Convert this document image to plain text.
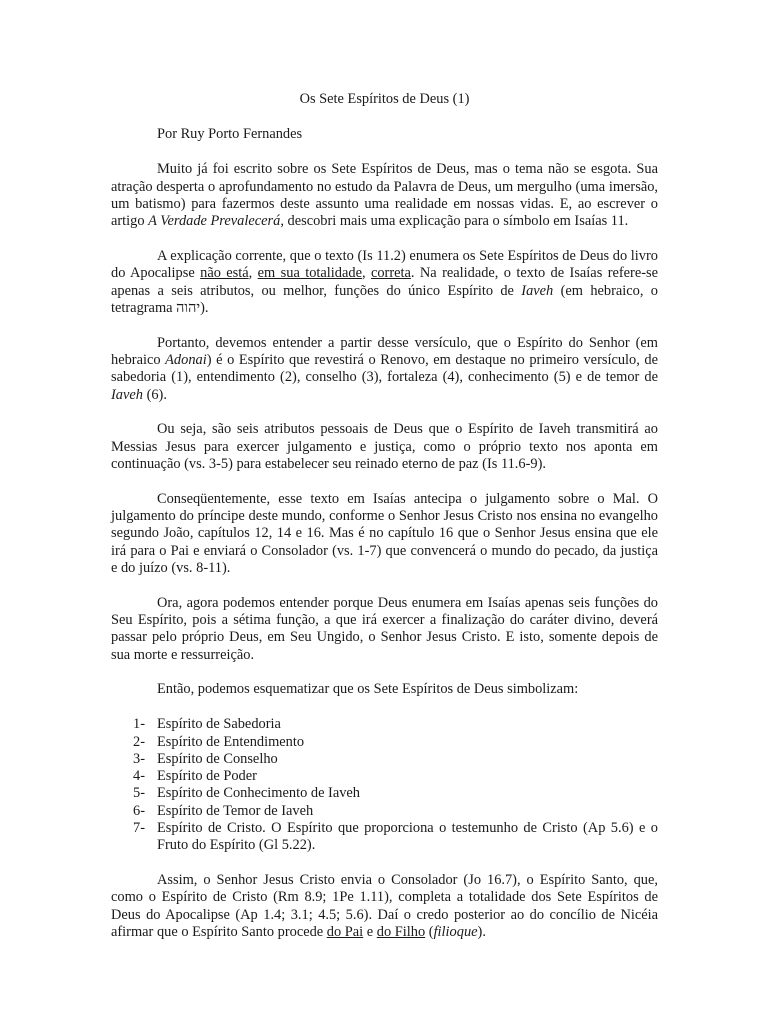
Os Sete Espíritos de Deus (1)
Por Ruy Porto Fernandes

Muito já foi escrito sobre os Sete Espíritos de Deus, mas o tema não se esgota. Sua atração desperta o aprofundamento no estudo da Palavra de Deus, um mergulho (uma imersão, um batismo) para fazermos deste assunto uma realidade em nossas vidas. E, ao escrever o artigo A Verdade Prevalecerá, descobri mais uma explicação para o símbolo em Isaías 11.

A explicação corrente, que o texto (Is 11.2) enumera os Sete Espíritos de Deus do livro do Apocalipse não está, em sua totalidade, correta. Na realidade, o texto de Isaías refere-se apenas a seis atributos, ou melhor, funções do único Espírito de Iaveh (em hebraico, o tetragrama יהוה).

Portanto, devemos entender a partir desse versículo, que o Espírito do Senhor (em hebraico Adonai) é o Espírito que revestirá o Renovo, em destaque no primeiro versículo, de sabedoria (1), entendimento (2), conselho (3), fortaleza (4), conhecimento (5) e de temor de Iaveh (6).

Ou seja, são seis atributos pessoais de Deus que o Espírito de Iaveh transmitirá ao Messias Jesus para exercer julgamento e justiça, como o próprio texto nos aponta em continuação (vs. 3-5) para estabelecer seu reinado eterno de paz (Is 11.6-9).

Conseqüentemente, esse texto em Isaías antecipa o julgamento sobre o Mal. O julgamento do príncipe deste mundo, conforme o Senhor Jesus Cristo nos ensina no evangelho segundo João, capítulos 12, 14 e 16. Mas é no capítulo 16 que o Senhor Jesus ensina que ele irá para o Pai e enviará o Consolador (vs. 1-7) que convencerá o mundo do pecado, da justiça e do juízo (vs. 8-11).

Ora, agora podemos entender porque Deus enumera em Isaías apenas seis funções do Seu Espírito, pois a sétima função, a que irá exercer a finalização do caráter divino, deverá passar pelo próprio Deus, em Seu Ungido, o Senhor Jesus Cristo. E isto, somente depois de sua morte e ressurreição.

Então, podemos esquematizar que os Sete Espíritos de Deus simbolizam:

1- Espírito de Sabedoria
2- Espírito de Entendimento
3- Espírito de Conselho
4- Espírito de Poder
5- Espírito de Conhecimento de Iaveh
6- Espírito de Temor de Iaveh
7- Espírito de Cristo. O Espírito que proporciona o testemunho de Cristo (Ap 5.6) e o Fruto do Espírito (Gl 5.22).

Assim, o Senhor Jesus Cristo envia o Consolador (Jo 16.7), o Espírito Santo, que, como o Espírito de Cristo (Rm 8.9; 1Pe 1.11), completa a totalidade dos Sete Espíritos de Deus do Apocalipse (Ap 1.4; 3.1; 4.5; 5.6). Daí o credo posterior ao do concílio de Nicéia afirmar que o Espírito Santo procede do Pai e do Filho (filioque).
